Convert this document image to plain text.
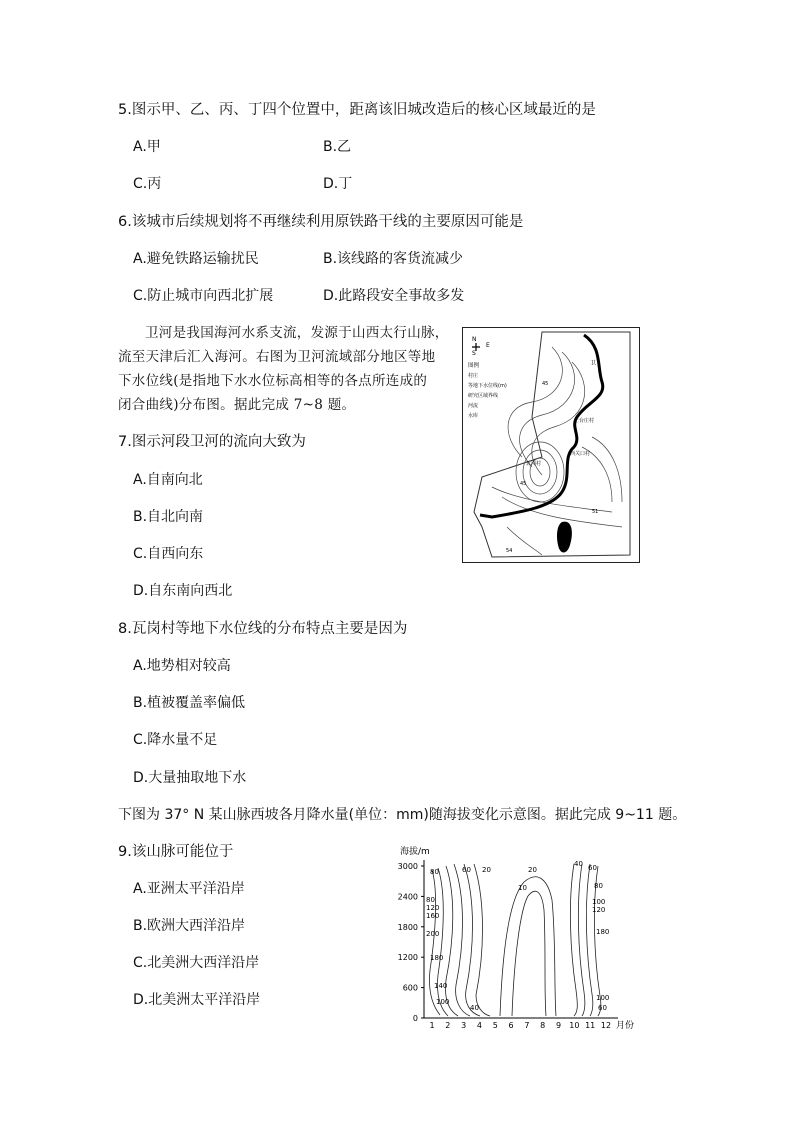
5.图示甲、乙、丙、丁四个位置中，距离该旧城改造后的核心区域最近的是
A.甲	B.乙
C.丙	D.丁
6.该城市后续规划将不再继续利用原铁路干线的主要原因可能是
A.避免铁路运输扰民	B.该线路的客货流减少
C.防止城市向西北扩展	D.此路段安全事故多发
卫河是我国海河水系支流，发源于山西太行山脉，
流至天津后汇入海河。右图为卫河流域部分地区等地
下水位线(是指地下水水位标高相等的各点所连成的
闭合曲线)分布图。据此完成 7~8 题。
N
E
S
图例
村庄
等地下水位线(m)
研究区域界线
河流
水库
卫
王台庄村
西关口村
瓦岗村
45
45
51
54
7.图示河段卫河的流向大致为
A.自南向北
B.自北向南
C.自西向东
D.自东南向西北
8.瓦岗村等地下水位线的分布特点主要是因为
A.地势相对较高
B.植被覆盖率偏低
C.降水量不足
D.大量抽取地下水
下图为 37° N 某山脉西坡各月降水量(单位：mm)随海拔变化示意图。据此完成 9~11 题。
9.该山脉可能位于
A.亚洲太平洋沿岸
B.欧洲大西洋沿岸
C.北美洲大西洋沿岸
D.北美洲太平洋沿岸
海拔/m
月份
0
600
1200
1800
2400
3000
1 2 3 4 5 6 7 8 9 10 11 12
80	60 20	20
10
40
80
120
160
200
180
140
100
40 60
80
100
120
180
100
60
